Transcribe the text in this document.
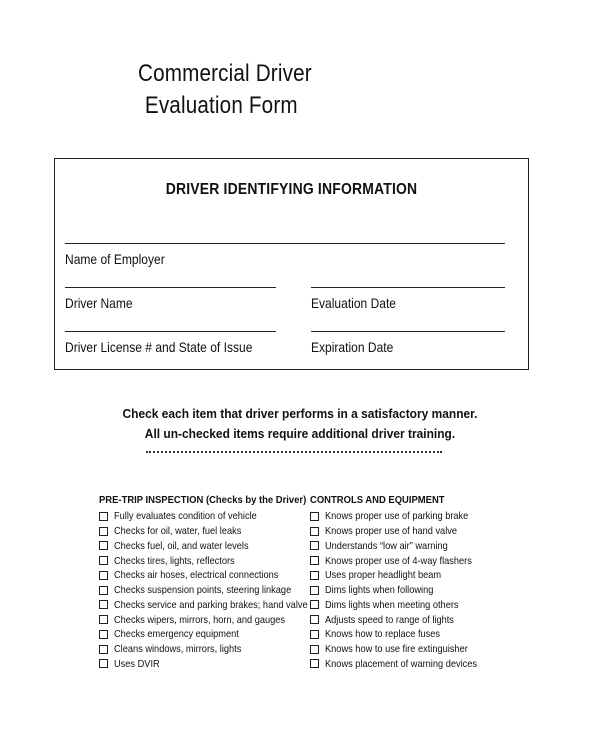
Commercial Driver
Evaluation Form
DRIVER IDENTIFYING INFORMATION
Name of Employer
Driver Name	Evaluation Date
Driver License # and State of Issue	Expiration Date
Check each item that driver performs in a satisfactory manner.
All un-checked items require additional driver training.
PRE-TRIP INSPECTION (Checks by the Driver)
Fully evaluates condition of vehicle
Checks for oil, water, fuel leaks
Checks fuel, oil, and water levels
Checks tires, lights, reflectors
Checks air hoses, electrical connections
Checks suspension points, steering linkage
Checks service and parking brakes; hand valve
Checks wipers, mirrors, horn, and gauges
Checks emergency equipment
Cleans windows, mirrors, lights
Uses DVIR
CONTROLS AND EQUIPMENT
Knows proper use of parking brake
Knows proper use of hand valve
Understands “low air” warning
Knows proper use of 4-way flashers
Uses proper headlight beam
Dims lights when following
Dims lights when meeting others
Adjusts speed to range of lights
Knows how to replace fuses
Knows how to use fire extinguisher
Knows placement of warning devices
